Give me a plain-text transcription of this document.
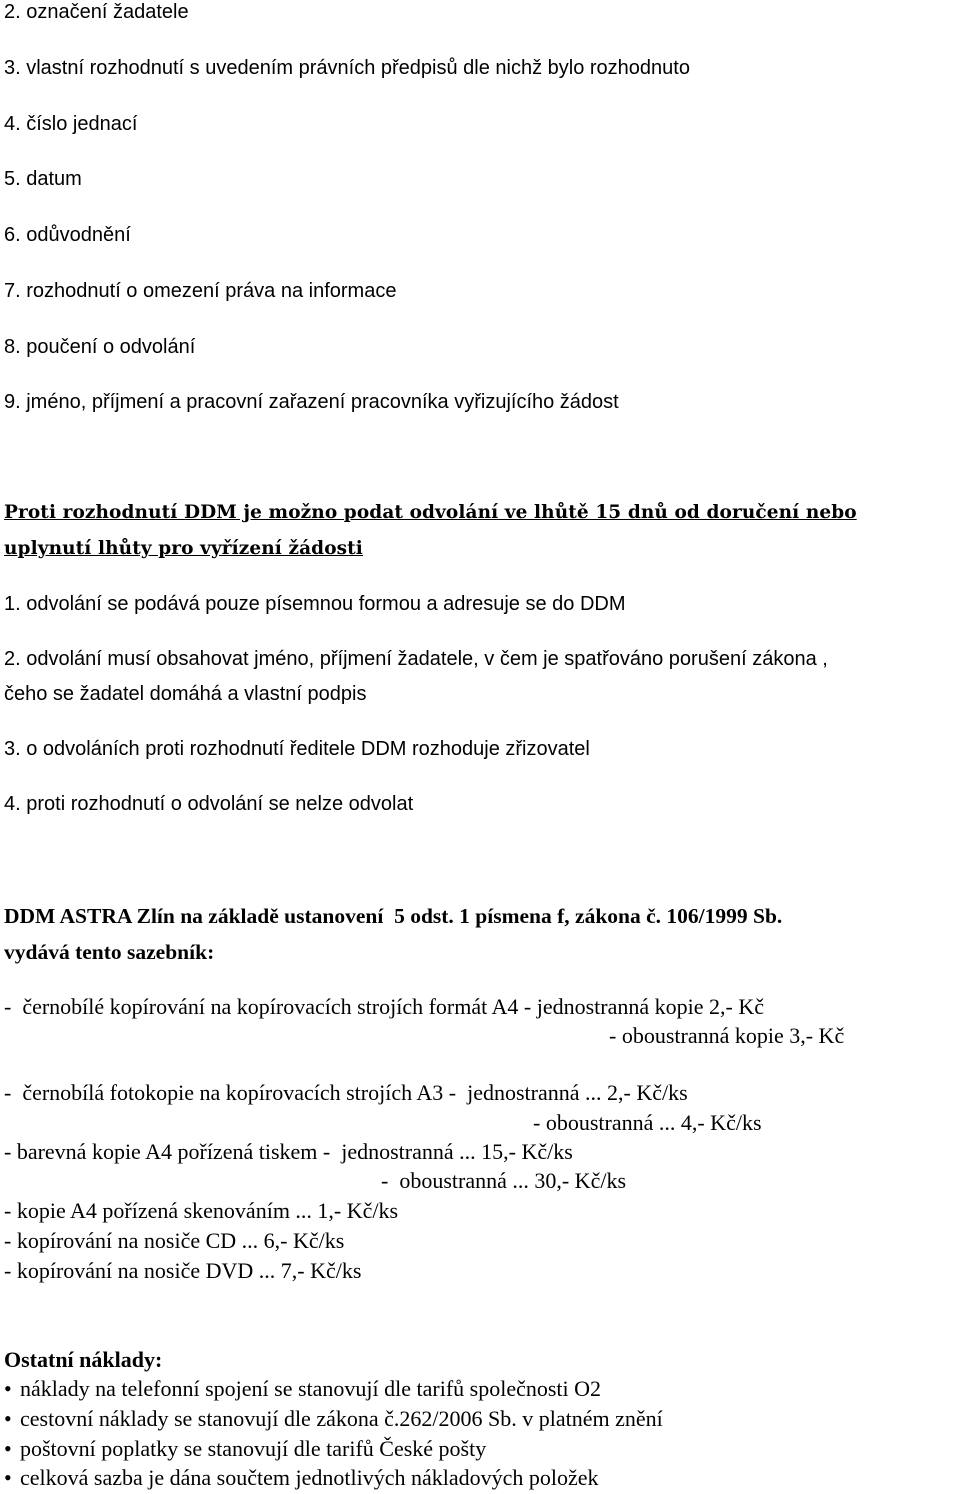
2. označení žadatele
3. vlastní rozhodnutí s uvedením právních předpisů dle nichž bylo rozhodnuto
4. číslo jednací
5. datum
6. odůvodnění
7. rozhodnutí o omezení práva na informace
8. poučení o odvolání
9. jméno, příjmení a pracovní zařazení pracovníka vyřizujícího žádost
Proti rozhodnutí DDM je možno podat odvolání ve lhůtě 15 dnů od doručení nebo
uplynutí lhůty pro vyřízení žádosti
1. odvolání se podává pouze písemnou formou a adresuje se do DDM
2. odvolání musí obsahovat jméno, příjmení žadatele, v čem je spatřováno porušení zákona ,
čeho se žadatel domáhá a vlastní podpis
3. o odvoláních proti rozhodnutí ředitele DDM rozhoduje zřizovatel
4. proti rozhodnutí o odvolání se nelze odvolat
DDM ASTRA Zlín na základě ustanovení  5 odst. 1 písmena f, zákona č. 106/1999 Sb.
vydává tento sazebník:
-  černobílé kopírování na kopírovacích strojích formát A4 - jednostranná kopie 2,- Kč
- oboustranná kopie 3,- Kč
-  černobílá fotokopie na kopírovacích strojích A3 -  jednostranná ... 2,- Kč/ks
- oboustranná ... 4,- Kč/ks
- barevná kopie A4 pořízená tiskem -  jednostranná ... 15,- Kč/ks
-  oboustranná ... 30,- Kč/ks
- kopie A4 pořízená skenováním ... 1,- Kč/ks
- kopírování na nosiče CD ... 6,- Kč/ks
- kopírování na nosiče DVD ... 7,- Kč/ks
Ostatní náklady:
• náklady na telefonní spojení se stanovují dle tarifů společnosti O2
• cestovní náklady se stanovují dle zákona č.262/2006 Sb. v platném znění
• poštovní poplatky se stanovují dle tarifů České pošty
• celková sazba je dána součtem jednotlivých nákladových položek
